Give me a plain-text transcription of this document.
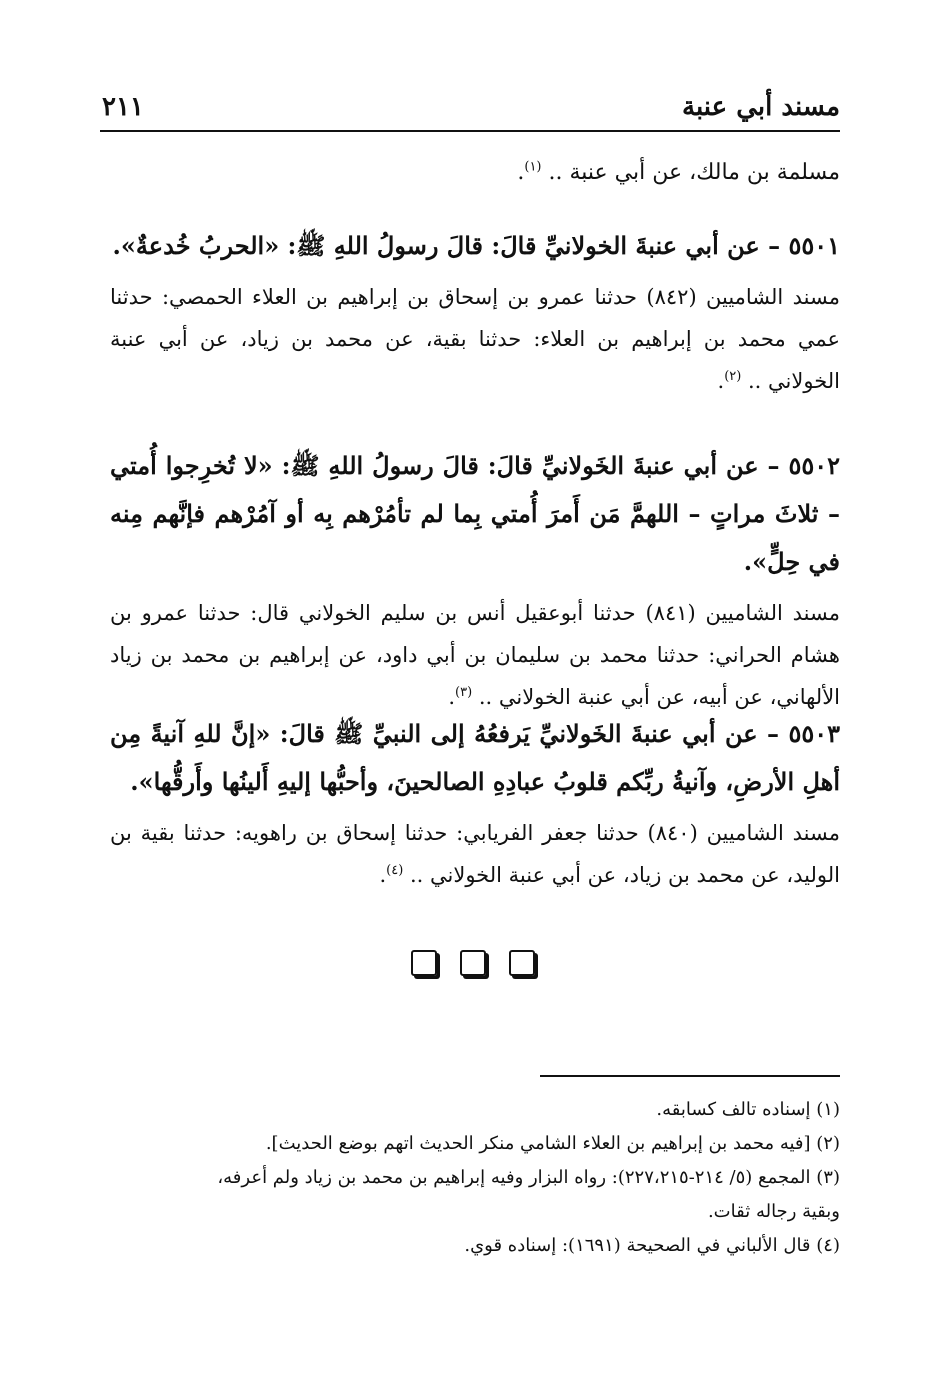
مسند أبي عنبة
٢١١
مسلمة بن مالك، عن أبي عنبة .. $^{(١)}$.
٥٥٠١ – عن أبي عنبةَ الخولانيِّ قالَ: قالَ رسولُ اللهِ ﷺ: «الحربُ خُدعةٌ».
مسند الشاميين (٨٤٢) حدثنا عمرو بن إسحاق بن إبراهيم بن العلاء الحمصي: حدثنا عمي محمد بن إبراهيم بن العلاء: حدثنا بقية، عن محمد بن زياد، عن أبي عنبة الخولاني .. $^{(٢)}$.
٥٥٠٢ – عن أبي عنبةَ الخَولانيِّ قالَ: قالَ رسولُ اللهِ ﷺ: «لا تُخرِجوا أُمتي – ثلاثَ مراتٍ – اللهمَّ مَن أَمرَ أُمتي بِما لم تأمُرْهم بِه أو آمُرْهم فإنَّهم مِنه في حِلٍّ».
مسند الشاميين (٨٤١) حدثنا أبوعقيل أنس بن سليم الخولاني قال: حدثنا عمرو بن هشام الحراني: حدثنا محمد بن سليمان بن أبي داود، عن إبراهيم بن محمد بن زياد الألهاني، عن أبيه، عن أبي عنبة الخولاني .. $^{(٣)}$.
٥٥٠٣ – عن أبي عنبةَ الخَولانيِّ يَرفعُهُ إلى النبيِّ ﷺ قالَ: «إنَّ للهِ آنيةً مِن أهلِ الأرضِ، وآنيةُ ربِّكم قلوبُ عبادِهِ الصالحينَ، وأحبُّها إليهِ أَلينُها وأَرقُّها».
مسند الشاميين (٨٤٠) حدثنا جعفر الفريابي: حدثنا إسحاق بن راهويه: حدثنا بقية بن الوليد، عن محمد بن زياد، عن أبي عنبة الخولاني .. $^{(٤)}$.

(١) إسناده تالف كسابقه.

(٢) [فيه محمد بن إبراهيم بن العلاء الشامي منكر الحديث اتهم بوضع الحديث].

(٣) المجمع (٥/ ٢١٤-٢٢٧،٢١٥): رواه البزار وفيه إبراهيم بن محمد بن زياد ولم أعرفه،

وبقية رجاله ثقات.

(٤) قال الألباني في الصحيحة (١٦٩١): إسناده قوي.
